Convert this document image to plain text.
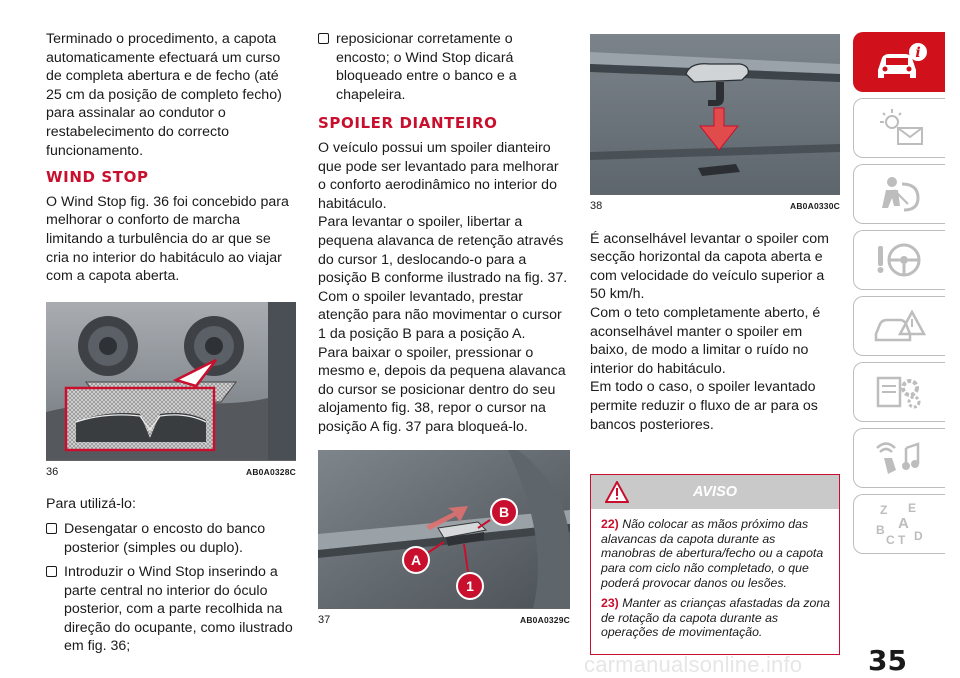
Terminado o procedimento, a capota automaticamente efectuará um curso de completa abertura e de fecho (até 25 cm da posição de completo fecho) para assinalar ao condutor o restabelecimento do correcto funcionamento.

WIND STOP

O Wind Stop fig. 36 foi concebido para melhorar o conforto de marcha limitando a turbulência do ar que se cria no interior do habitáculo ao viajar com a capota aberta.

36	AB0A0328C

Para utilizá-lo:

Desengatar o encosto do banco posterior (simples ou duplo).
Introduzir o Wind Stop inserindo a parte central no interior do óculo posterior, com a parte recolhida na direção do ocupante, como ilustrado em fig. 36;
reposicionar corretamente o encosto; o Wind Stop dicará bloqueado entre o banco e a chapeleira.
SPOILER DIANTEIRO

O veículo possui um spoiler dianteiro que pode ser levantado para melhorar o conforto aerodinâmico no interior do habitáculo.
Para levantar o spoiler, libertar a pequena alavanca de retenção através do cursor 1, deslocando-o para a posição B conforme ilustrado na fig. 37.
Com o spoiler levantado, prestar atenção para não movimentar o cursor 1 da posição B para a posição A.
Para baixar o spoiler, pressionar o mesmo e, depois da pequena alavanca do cursor se posicionar dentro do seu alojamento fig. 38, repor o cursor na posição A fig. 37 para bloqueá-lo.

A
B
1
37	AB0A0329C
38	AB0A0330C

É aconselhável levantar o spoiler com secção horizontal da capota aberta e com velocidade do veículo superior a 50 km/h.
Com o teto completamente aberto, é aconselhável manter o spoiler em baixo, de modo a limitar o ruído no interior do habitáculo.
Em todo o caso, o spoiler levantado permite reduzir o fluxo de ar para os bancos posteriores.

AVISO

22) Não colocar as mãos próximo das alavancas da capota durante as manobras de abertura/fecho ou a capota para com ciclo não completado, o que poderá provocar danos ou lesões.

23) Manter as crianças afastadas da zona de rotação da capota durante as operações de movimentação.

i
Z E
B A
C T D
carmanualsonline.info 35
